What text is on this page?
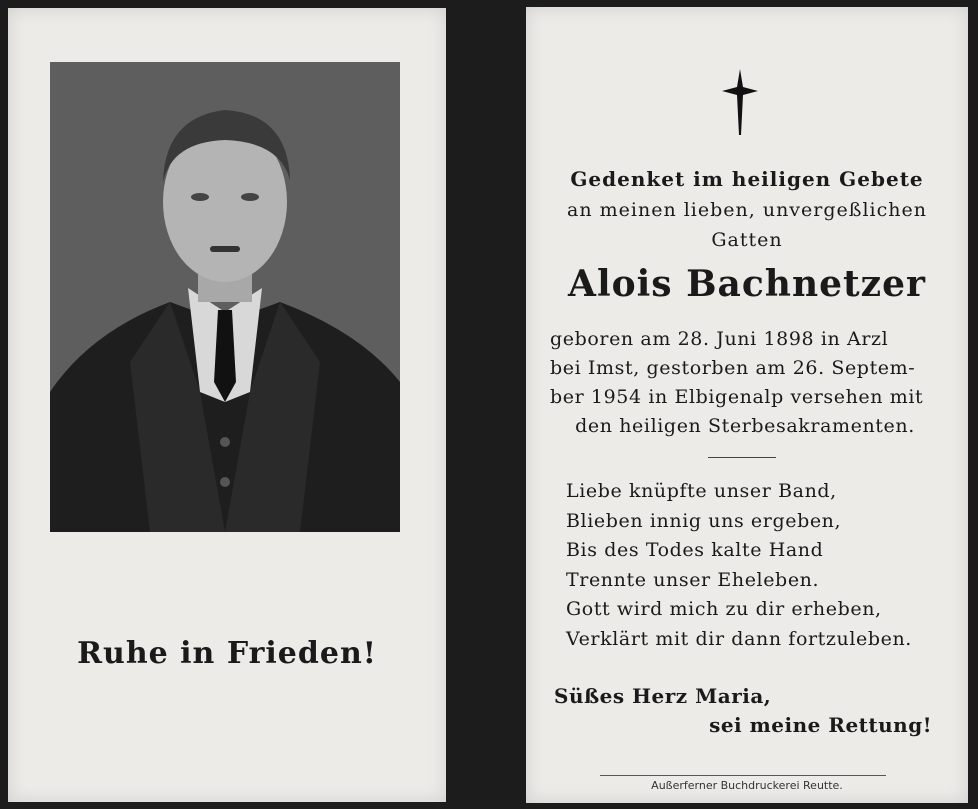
Ruhe in Frieden!
Gedenket im heiligen Gebete
an meinen lieben, unvergeßlichen
Gatten
Alois Bachnetzer
geboren am 28. Juni 1898 in Arzl
bei Imst, gestorben am 26. Septem-
ber 1954 in Elbigenalp versehen mit
den heiligen Sterbesakramenten.
Liebe knüpfte unser Band,
Blieben innig uns ergeben,
Bis des Todes kalte Hand
Trennte unser Eheleben.
Gott wird mich zu dir erheben,
Verklärt mit dir dann fortzuleben.
Süßes Herz Maria,
sei meine Rettung!
Außerferner Buchdruckerei Reutte.
